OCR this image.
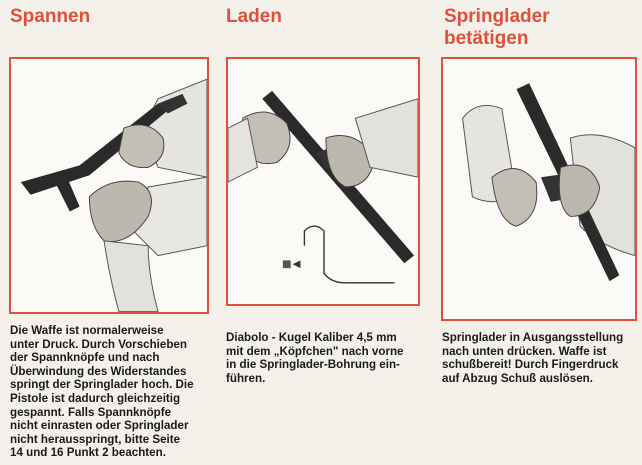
Spannen

Die Waffe ist normalerweise
unter Druck. Durch Vorschieben
der Spannknöpfe und nach
Überwindung des Widerstandes
springt der Springlader hoch. Die
Pistole ist dadurch gleichzeitig
gespannt. Falls Spannknöpfe
nicht einrasten oder Springlader
nicht herausspringt, bitte Seite
14 und 16 Punkt 2 beachten.

Laden

Diabolo - Kugel Kaliber 4,5 mm
mit dem „Köpfchen" nach vorne
in die Springlader-Bohrung ein-
führen.

Springlader
betätigen

Springlader in Ausgangsstellung
nach unten drücken. Waffe ist
schußbereit! Durch Fingerdruck
auf Abzug Schuß auslösen.
